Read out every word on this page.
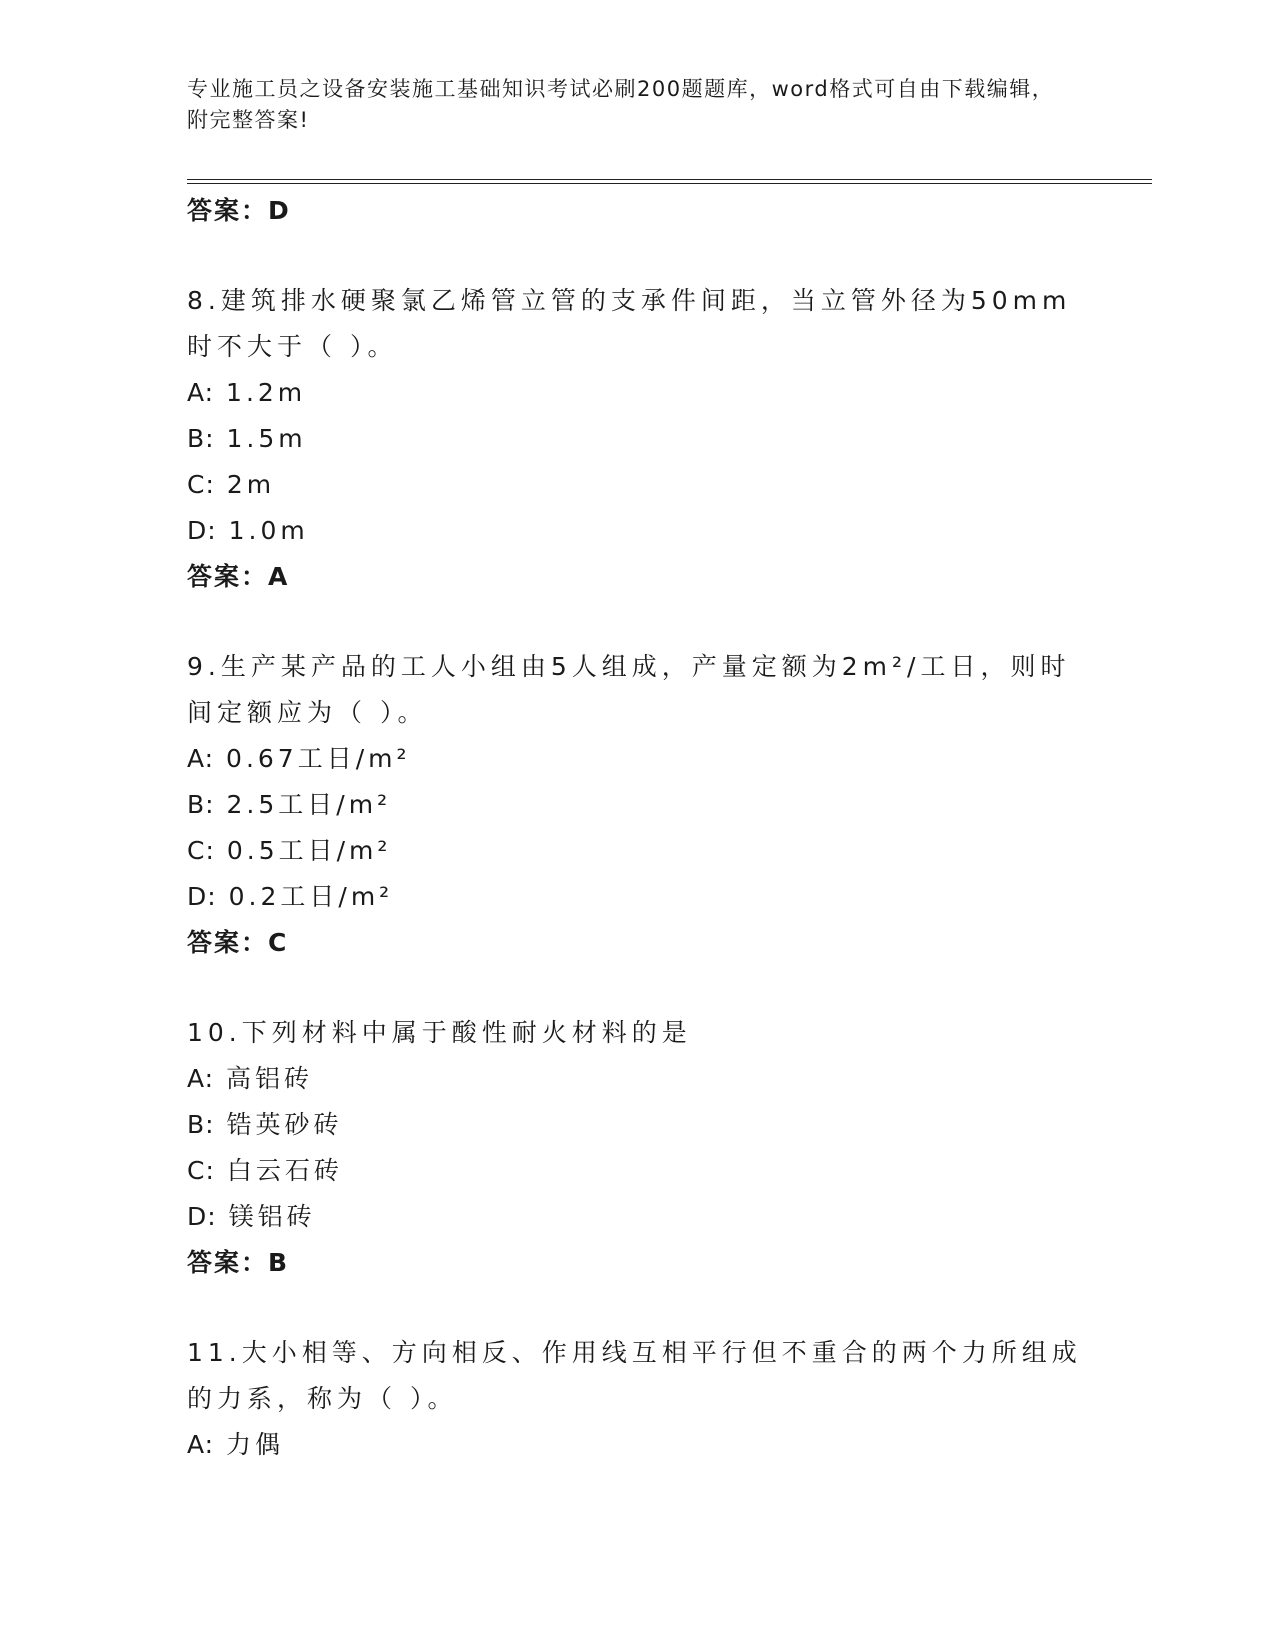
专业施工员之设备安装施工基础知识考试必刷200题题库，word格式可自由下载编辑，附完整答案!
答案：D
8.建筑排水硬聚氯乙烯管立管的支承件间距，当立管外径为50mm时不大于（ ）。
A: 1.2m
B: 1.5m
C: 2m
D: 1.0m
答案：A
9.生产某产品的工人小组由5人组成，产量定额为2m²/工日，则时间定额应为（ ）。
A: 0.67工日/m²
B: 2.5工日/m²
C: 0.5工日/m²
D: 0.2工日/m²
答案：C
10.下列材料中属于酸性耐火材料的是
A: 高铝砖
B: 锆英砂砖
C: 白云石砖
D: 镁铝砖
答案：B
11.大小相等、方向相反、作用线互相平行但不重合的两个力所组成的力系，称为（ ）。
A: 力偶
